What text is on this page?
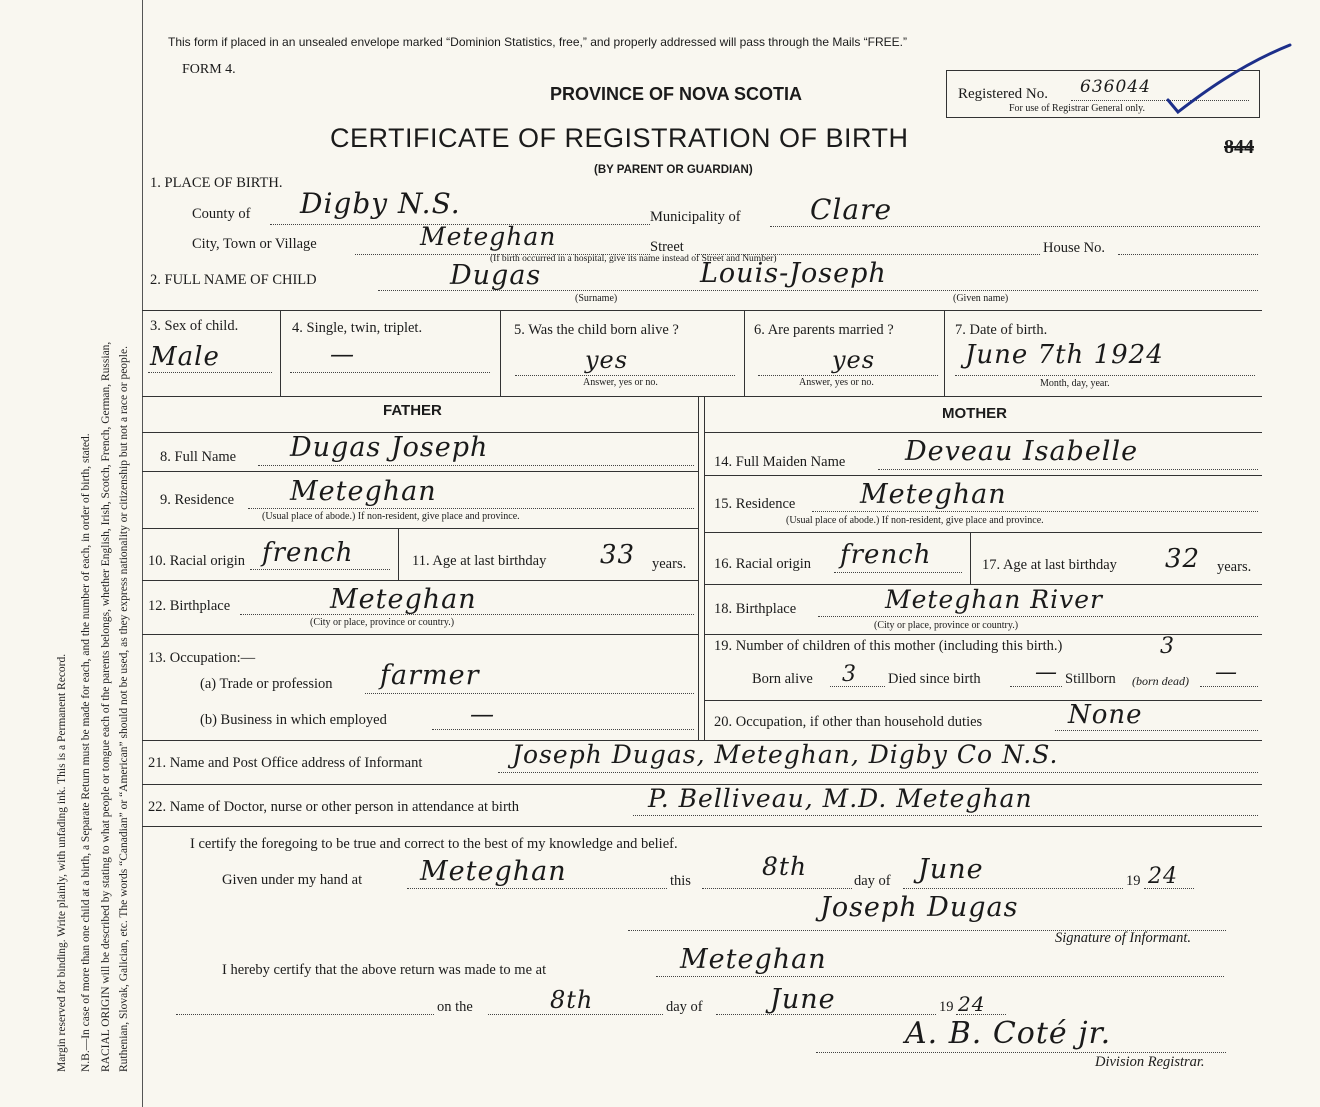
Margin reserved for binding. Write plainly, with unfading ink. This is a Permanent Record. N.B.—In case of more than one child at a birth, a Separate Return must be made for each, and the number of each, in order of birth, stated. RACIAL ORIGIN will be described by stating to what people or tongue each of the parents belongs, whether English, Irish, Scotch, French, German, Russian, Ruthenian, Slovak, Galician, etc. The words “Canadian” or “American” should not be used, as they express nationality or citizenship but not a race or people.
This form if placed in an unsealed envelope marked “Dominion Statistics, free,” and properly addressed will pass through the Mails “FREE.”
FORM 4.
PROVINCE OF NOVA SCOTIA
CERTIFICATE OF REGISTRATION OF BIRTH
(BY PARENT OR GUARDIAN)
Registered No. 636044
For use of Registrar General only.
844
1. PLACE OF BIRTH.
County of Digby N.S.	Municipality of Clare
City, Town or Village	Meteghan	Street	House No.
(If birth occurred in a hospital, give its name instead of Street and Number)
2. FULL NAME OF CHILD	Dugas	Louis-Joseph
(Surname)	(Given name)
3. Sex of child.
Male
4. Single, twin, triplet.
—
5. Was the child born alive ?
yes
Answer, yes or no.
6. Are parents married ?
yes
Answer, yes or no.
7. Date of birth.
June 7th 1924
Month, day, year.
FATHER	MOTHER
8. Full Name Dugas Joseph
9. Residence Meteghan
(Usual place of abode.) If non-resident, give place and province.
10. Racial origin french	11. Age at last birthday 33 years.
12. Birthplace	Meteghan
(City or place, province or country.)
13. Occupation:—
(a) Trade or profession farmer
(b) Business in which employed	—
14. Full Maiden Name Deveau Isabelle
15. Residence Meteghan
(Usual place of abode.) If non-resident, give place and province.
16. Racial origin french	17. Age at last birthday 32 years.
18. Birthplace	Meteghan River
(City or place, province or country.)
19. Number of children of this mother (including this birth.)	3
Born alive 3 Died since birth — Stillborn (born dead) —
20. Occupation, if other than household duties	None
21. Name and Post Office address of Informant	Joseph Dugas, Meteghan, Digby Co N.S.
22. Name of Doctor, nurse or other person in attendance at birth	P. Belliveau, M.D. Meteghan
I certify the foregoing to be true and correct to the best of my knowledge and belief.
Given under my hand at Meteghan	this	8th	day of June	19 24
Joseph Dugas
Signature of Informant.
I hereby certify that the above return was made to me at	Meteghan
on the	8th	day of June	19 24
A. B. Coté jr.
Division Registrar.
